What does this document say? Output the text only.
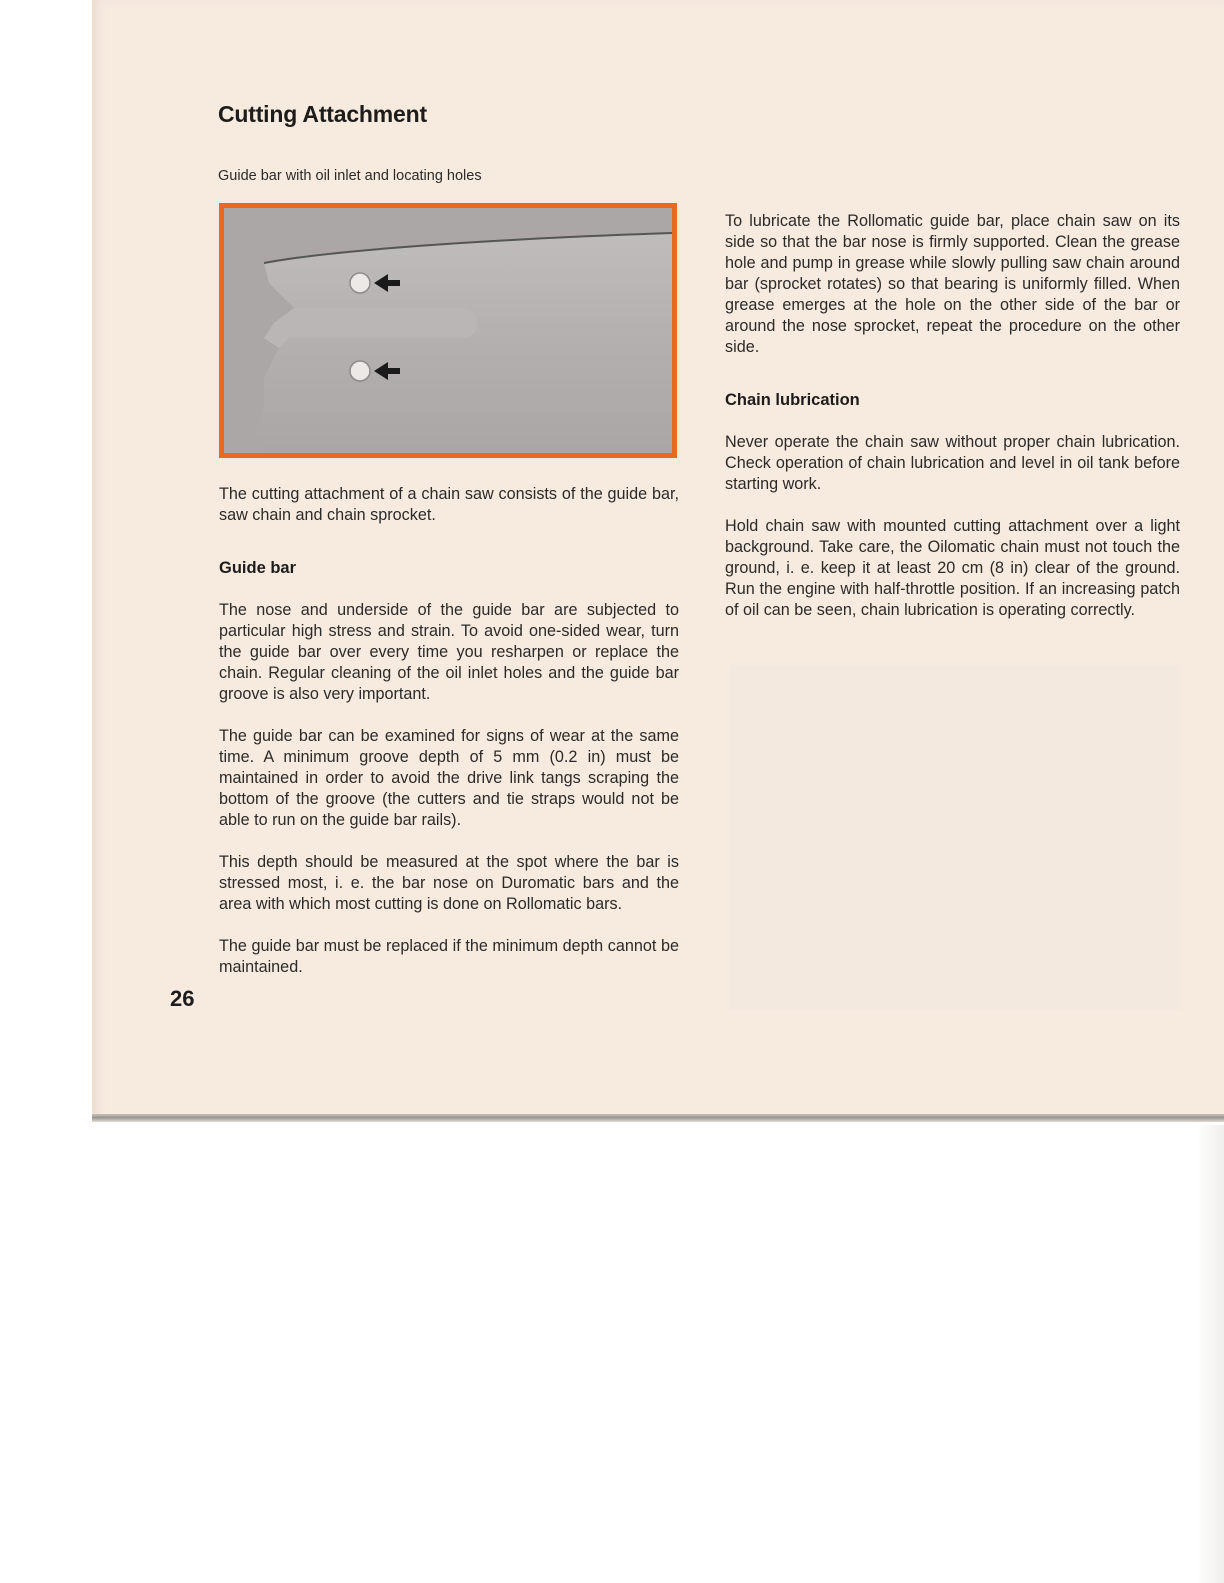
Cutting Attachment

Guide bar with oil inlet and locating holes

The cutting attachment of a chain saw consists of the guide bar, saw chain and chain sprocket.

Guide bar

The nose and underside of the guide bar are subjected to particular high stress and strain. To avoid one-sided wear, turn the guide bar over every time you resharpen or replace the chain. Regular cleaning of the oil inlet holes and the guide bar groove is also very important.

The guide bar can be examined for signs of wear at the same time. A minimum groove depth of 5 mm (0.2 in) must be maintained in order to avoid the drive link tangs scraping the bottom of the groove (the cutters and tie straps would not be able to run on the guide bar rails).

This depth should be measured at the spot where the bar is stressed most, i. e. the bar nose on Duromatic bars and the area with which most cutting is done on Rollomatic bars.

The guide bar must be replaced if the minimum depth cannot be maintained.

To lubricate the Rollomatic guide bar, place chain saw on its side so that the bar nose is firmly supported. Clean the grease hole and pump in grease while slowly pulling saw chain around bar (sprocket rotates) so that bearing is uniformly filled. When grease emerges at the hole on the other side of the bar or around the nose sprocket, repeat the procedure on the other side.

Chain lubrication

Never operate the chain saw without proper chain lubrication. Check operation of chain lubrication and level in oil tank before starting work.

Hold chain saw with mounted cutting attachment over a light background. Take care, the Oilomatic chain must not touch the ground, i. e. keep it at least 20 cm (8 in) clear of the ground. Run the engine with half-throttle position. If an increasing patch of oil can be seen, chain lubrication is operating correctly.

26
